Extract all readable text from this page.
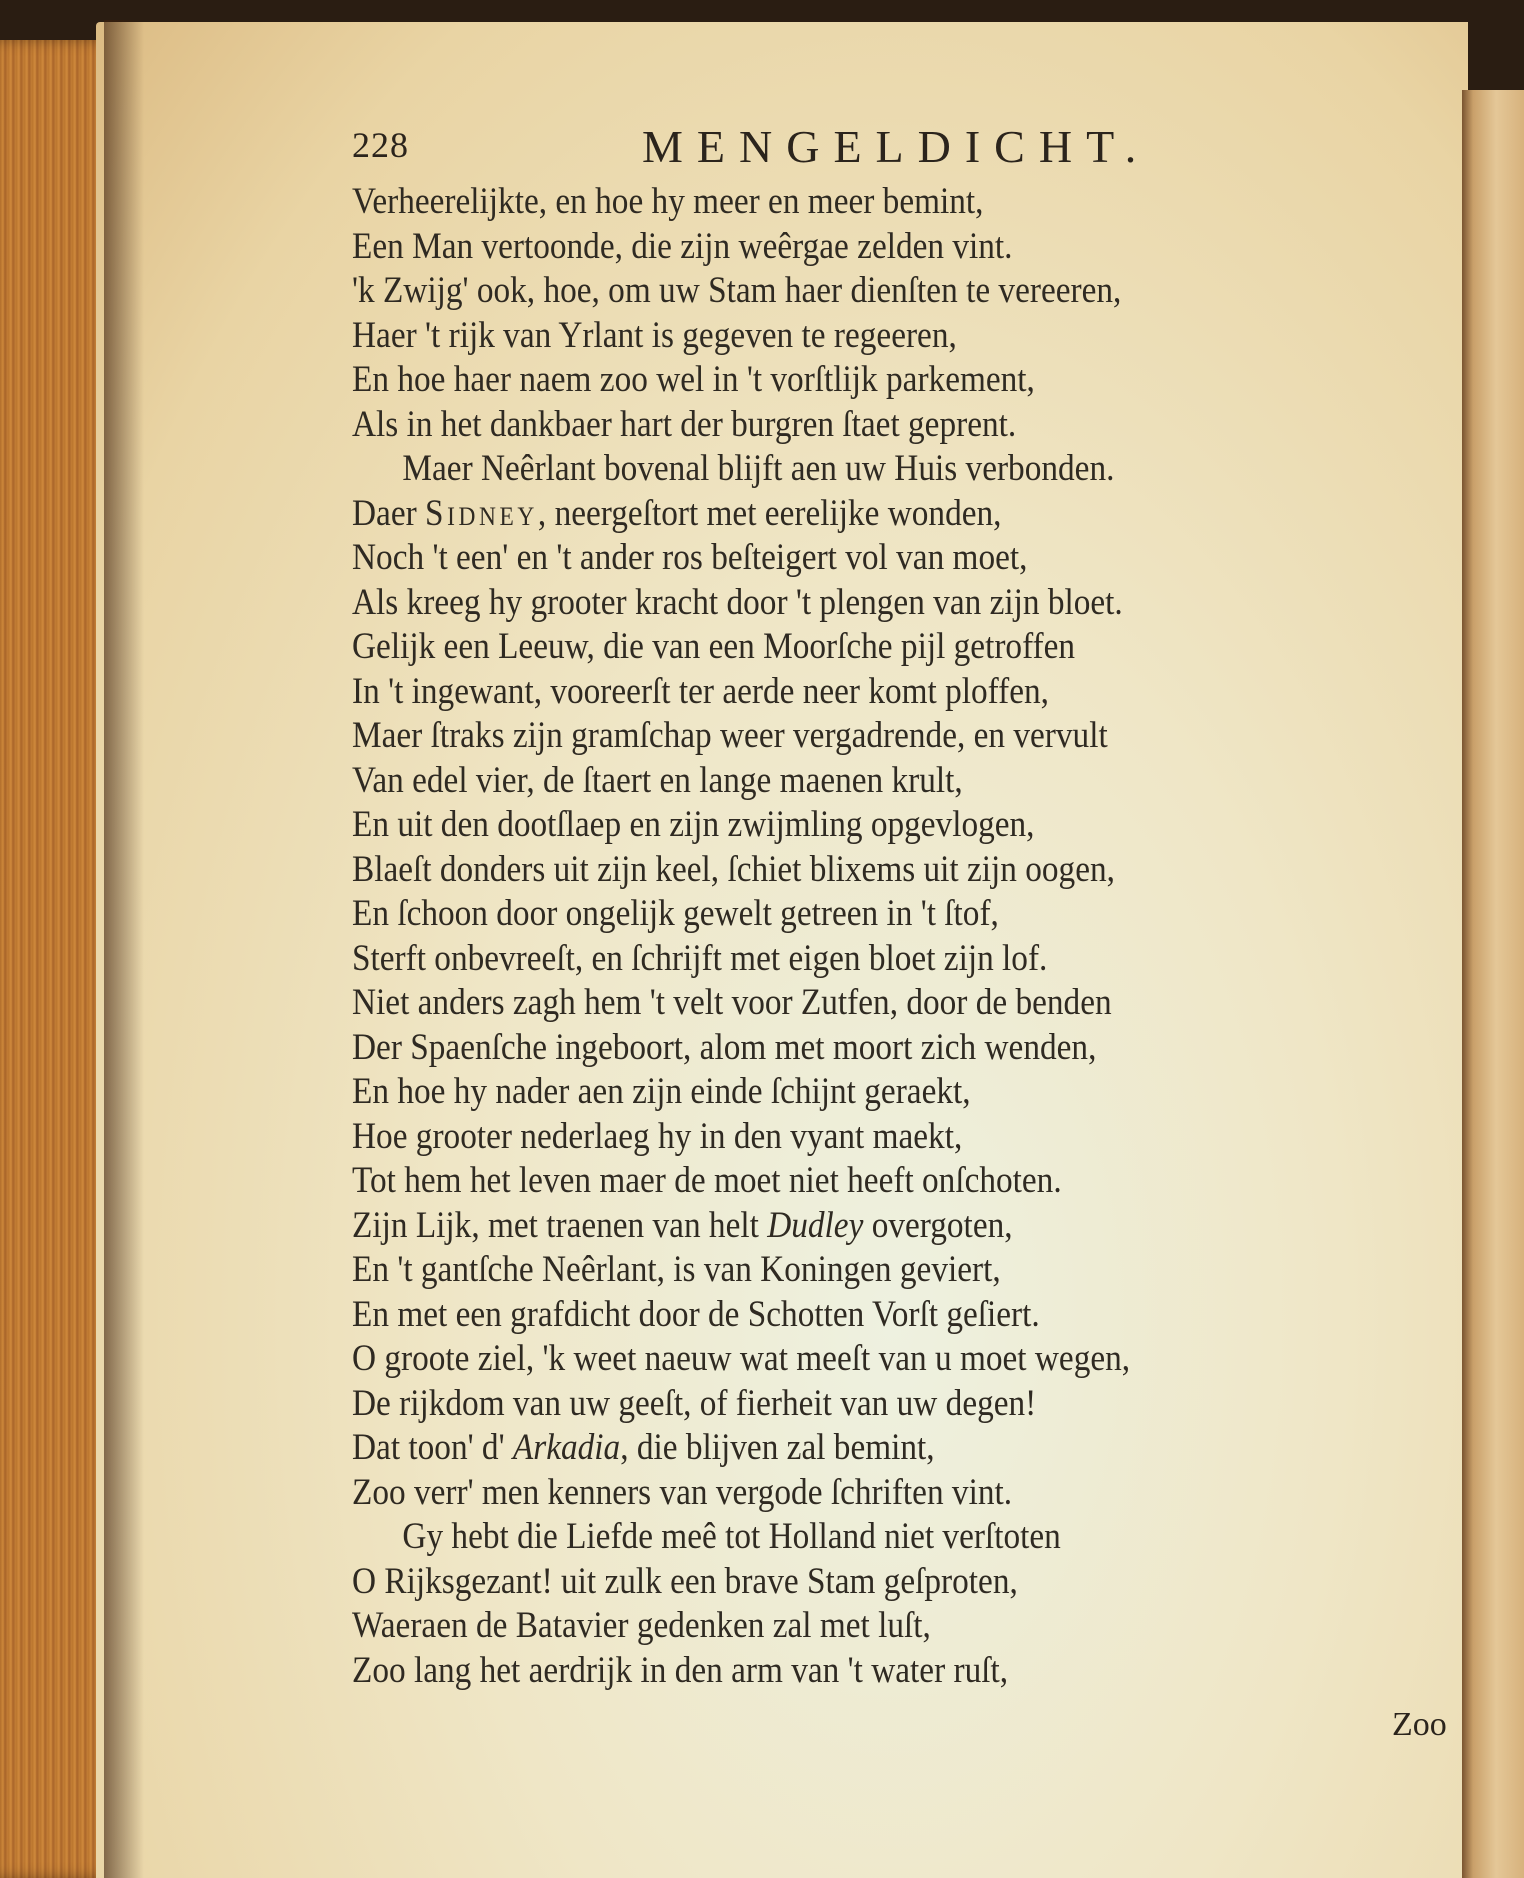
228	MENGELDICHT.
Verheerelijkte, en hoe hy meer en meer bemint,
Een Man vertoonde, die zijn weêrgae zelden vint.
'k Zwijg' ook, hoe, om uw Stam haer dienſten te vereeren,
Haer 't rijk van Yrlant is gegeven te regeeren,
En hoe haer naem zoo wel in 't vorſtlijk parkement,
Als in het dankbaer hart der burgren ſtaet geprent.
Maer Neêrlant bovenal blijft aen uw Huis verbonden.
Daer Sidney, neergeſtort met eerelijke wonden,
Noch 't een' en 't ander ros beſteigert vol van moet,
Als kreeg hy grooter kracht door 't plengen van zijn bloet.
Gelijk een Leeuw, die van een Moorſche pijl getroffen
In 't ingewant, vooreerſt ter aerde neer komt ploffen,
Maer ſtraks zijn gramſchap weer vergadrende, en vervult
Van edel vier, de ſtaert en lange maenen krult,
En uit den dootſlaep en zijn zwijmling opgevlogen,
Blaeſt donders uit zijn keel, ſchiet blixems uit zijn oogen,
En ſchoon door ongelijk gewelt getreen in 't ſtof,
Sterft onbevreeſt, en ſchrijft met eigen bloet zijn lof.
Niet anders zagh hem 't velt voor Zutfen, door de benden
Der Spaenſche ingeboort, alom met moort zich wenden,
En hoe hy nader aen zijn einde ſchijnt geraekt,
Hoe grooter nederlaeg hy in den vyant maekt,
Tot hem het leven maer de moet niet heeft onſchoten.
Zijn Lijk, met traenen van helt Dudley overgoten,
En 't gantſche Neêrlant, is van Koningen geviert,
En met een grafdicht door de Schotten Vorſt geſiert.
O groote ziel, 'k weet naeuw wat meeſt van u moet wegen,
De rijkdom van uw geeſt, of fierheit van uw degen!
Dat toon' d' Arkadia, die blijven zal bemint,
Zoo verr' men kenners van vergode ſchriften vint.
Gy hebt die Liefde meê tot Holland niet verſtoten
O Rijksgezant! uit zulk een brave Stam geſproten,
Waeraen de Batavier gedenken zal met luſt,
Zoo lang het aerdrijk in den arm van 't water ruſt,
Zoo
